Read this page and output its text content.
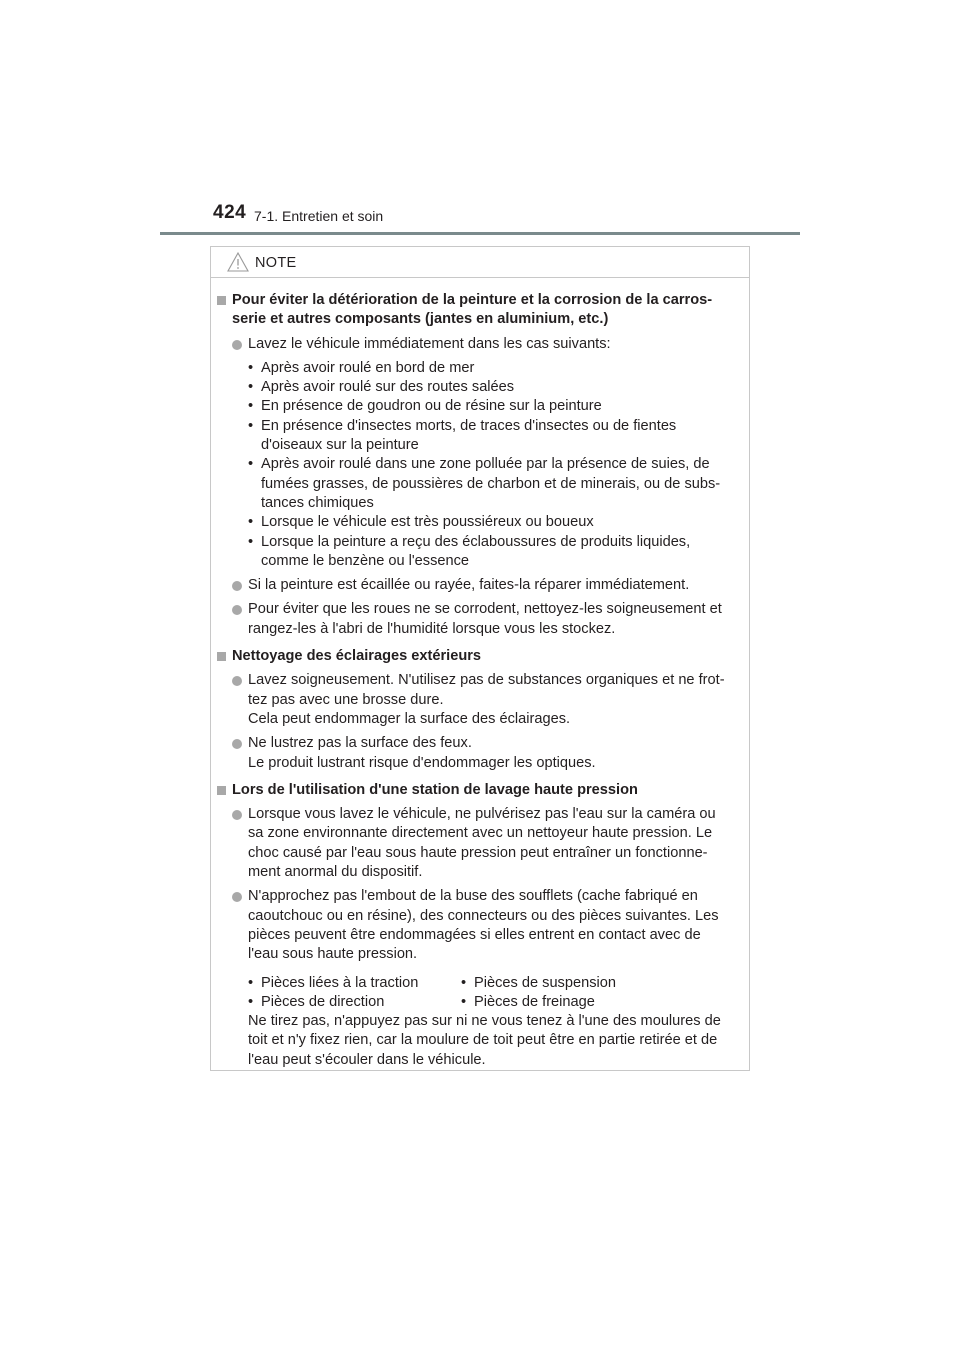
424 7-1. Entretien et soin
NOTE
Pour éviter la détérioration de la peinture et la corrosion de la carros-
serie et autres composants (jantes en aluminium, etc.)
Lavez le véhicule immédiatement dans les cas suivants:
• Après avoir roulé en bord de mer
• Après avoir roulé sur des routes salées
• En présence de goudron ou de résine sur la peinture
• En présence d'insectes morts, de traces d'insectes ou de fientes
d'oiseaux sur la peinture
• Après avoir roulé dans une zone polluée par la présence de suies, de
fumées grasses, de poussières de charbon et de minerais, ou de subs-
tances chimiques
• Lorsque le véhicule est très poussiéreux ou boueux
• Lorsque la peinture a reçu des éclaboussures de produits liquides,
comme le benzène ou l'essence
Si la peinture est écaillée ou rayée, faites-la réparer immédiatement.
Pour éviter que les roues ne se corrodent, nettoyez-les soigneusement et
rangez-les à l'abri de l'humidité lorsque vous les stockez.
Nettoyage des éclairages extérieurs
Lavez soigneusement. N'utilisez pas de substances organiques et ne frot-
tez pas avec une brosse dure.
Cela peut endommager la surface des éclairages.
Ne lustrez pas la surface des feux.
Le produit lustrant risque d'endommager les optiques.
Lors de l'utilisation d'une station de lavage haute pression
Lorsque vous lavez le véhicule, ne pulvérisez pas l'eau sur la caméra ou
sa zone environnante directement avec un nettoyeur haute pression. Le
choc causé par l'eau sous haute pression peut entraîner un fonctionne-
ment anormal du dispositif.
N'approchez pas l'embout de la buse des soufflets (cache fabriqué en
caoutchouc ou en résine), des connecteurs ou des pièces suivantes. Les
pièces peuvent être endommagées si elles entrent en contact avec de
l'eau sous haute pression.
• Pièces liées à la traction
• Pièces de direction
• Pièces de suspension
• Pièces de freinage
Ne tirez pas, n'appuyez pas sur ni ne vous tenez à l'une des moulures de
toit et n'y fixez rien, car la moulure de toit peut être en partie retirée et de
l'eau peut s'écouler dans le véhicule.
